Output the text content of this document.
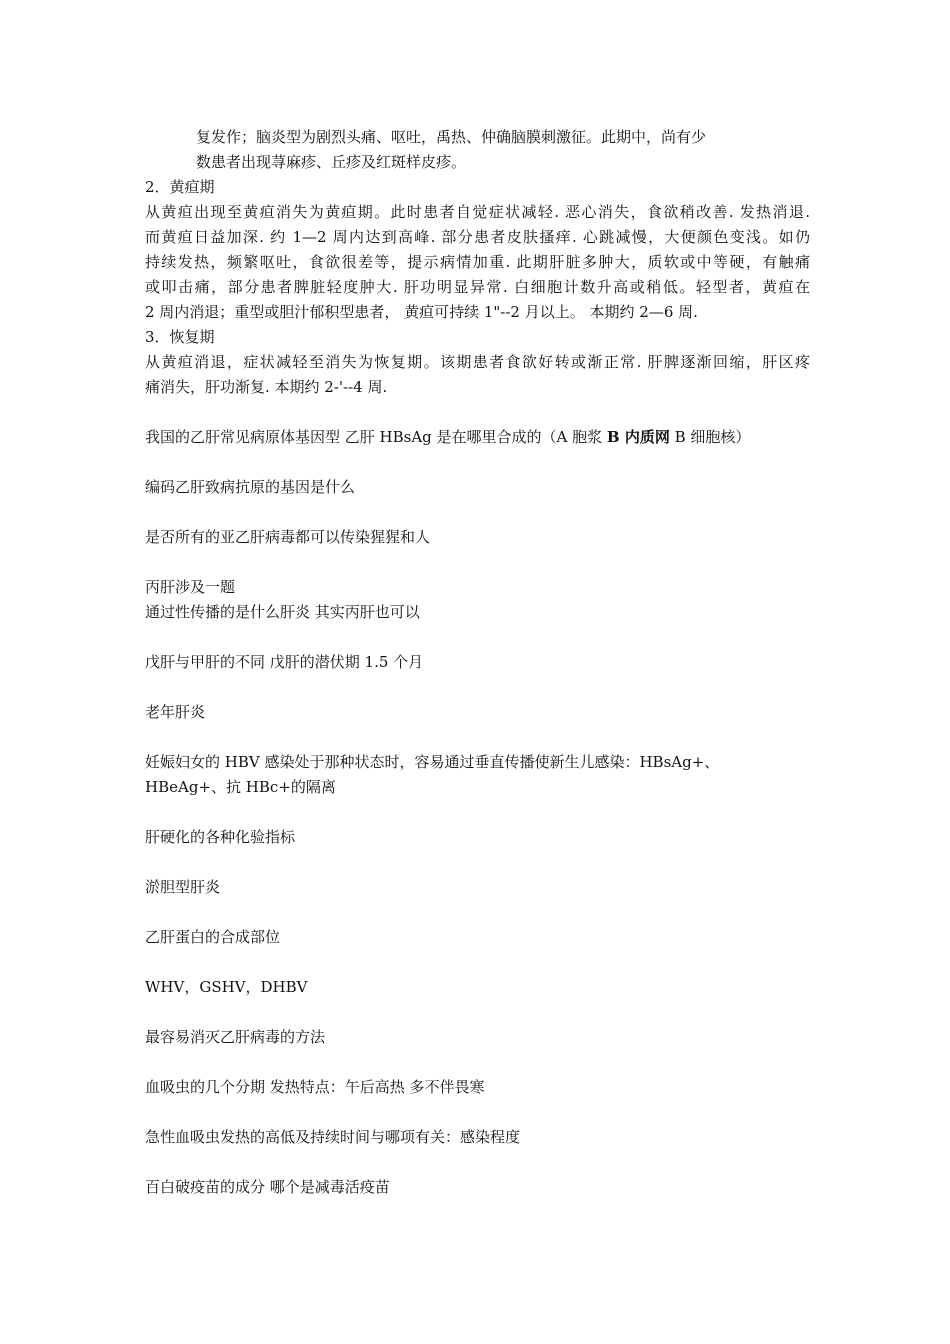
复发作；脑炎型为剧烈头痛、呕吐，禹热、仲确脑膜刺激征。此期中，尚有少
数患者出现荨麻疹、丘疹及红斑样皮疹。
2．黄疸期
从黄疸出现至黄疸消失为黄疸期。此时患者自觉症状减轻. 恶心消失，食欲稍改善. 发热消退.
而黄疸日益加深. 约 1—2 周内达到高峰. 部分患者皮肤搔痒. 心跳减慢，大便颜色变浅。如仍
持续发热，频繁呕吐，食欲很差等，提示病情加重. 此期肝脏多肿大，质软或中等硬，有触痛
或叩击痛，部分患者脾脏轻度肿大. 肝功明显异常. 白细胞计数升高或稍低。轻型者，黄疸在
2 周内消退；重型或胆汁郁积型患者， 黄疸可持续 1"--2 月以上。 本期约 2—6 周.
3．恢复期
从黄疸消退，症状减轻至消失为恢复期。该期患者食欲好转或渐正常. 肝脾逐渐回缩，肝区疼
痛消失，肝功渐复. 本期约 2-'--4 周.
我国的乙肝常见病原体基因型 乙肝 HBsAg 是在哪里合成的（A 胞浆 B 内质网 B 细胞核）
编码乙肝致病抗原的基因是什么
是否所有的亚乙肝病毒都可以传染猩猩和人
丙肝涉及一题
通过性传播的是什么肝炎 其实丙肝也可以
戊肝与甲肝的不同 戊肝的潜伏期 1.5 个月
老年肝炎
妊娠妇女的 HBV 感染处于那种状态时，容易通过垂直传播使新生儿感染：HBsAg+、
HBeAg+、抗 HBc+的隔离
肝硬化的各种化验指标
淤胆型肝炎
乙肝蛋白的合成部位
WHV，GSHV，DHBV
最容易消灭乙肝病毒的方法
血吸虫的几个分期 发热特点：午后高热 多不伴畏寒
急性血吸虫发热的高低及持续时间与哪项有关：感染程度
百白破疫苗的成分 哪个是减毒活疫苗
